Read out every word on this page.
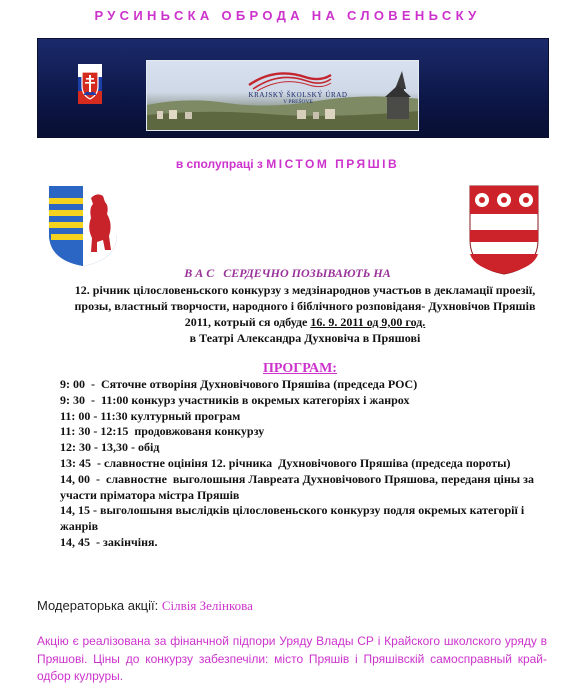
РУСИНЬСКА ОБРОДА НА СЛОВЕНЬСКУ
KRAJSKÝ ŠKOLSKÝ ÚRAD
V PREŠOVE
в сполупраці з МІСТОМ ПРЯШІВ
В А С   СЕРДЕЧНО ПОЗЫВАЮТЬ НА
12. річник цілословеньского конкурзу з медзінароднов участьов в декламації проезії, прозы, властный творчости, народного і біблічного розповіданя- Духновічов Пряшів 2011, котрый ся одбуде 16. 9. 2011 од 9,00 год.
в Театрі Александра Духновіча в Пряшові
ПРОГРАМ:
9: 00  -  Сяточне отворіня Духновічового Пряшіва (председа РОС)
9: 30  -  11:00 конкурз участників в окремых категоріях і жанрох
11: 00 - 11:30 културный програм
11: 30 - 12:15  продовжованя конкурзу
12: 30 - 13,30 - обід
13: 45  - славностне оцініня 12. річника  Духновічового Пряшіва (председа пороты)
14, 00  -  славностне  выголошыня Лавреата Духновічового Пряшова, переданя ціны за  участи прімaтора містра Пряшів
14, 15 - выголошыня выслідків цілословеньского конкурзу подля окремых категорії і жанрів
14, 45  - закінчіня.
Модераторька акції: Сілвія Зелінкова
Акцію є реалізована за фінанчной підпори Уряду Влады СР і Крайского школского уряду в Пряшові. Ціны до конкурзу забезпечіли: місто Пряшів і Пряшівскій самоспpавный край- одбор кулруры.
